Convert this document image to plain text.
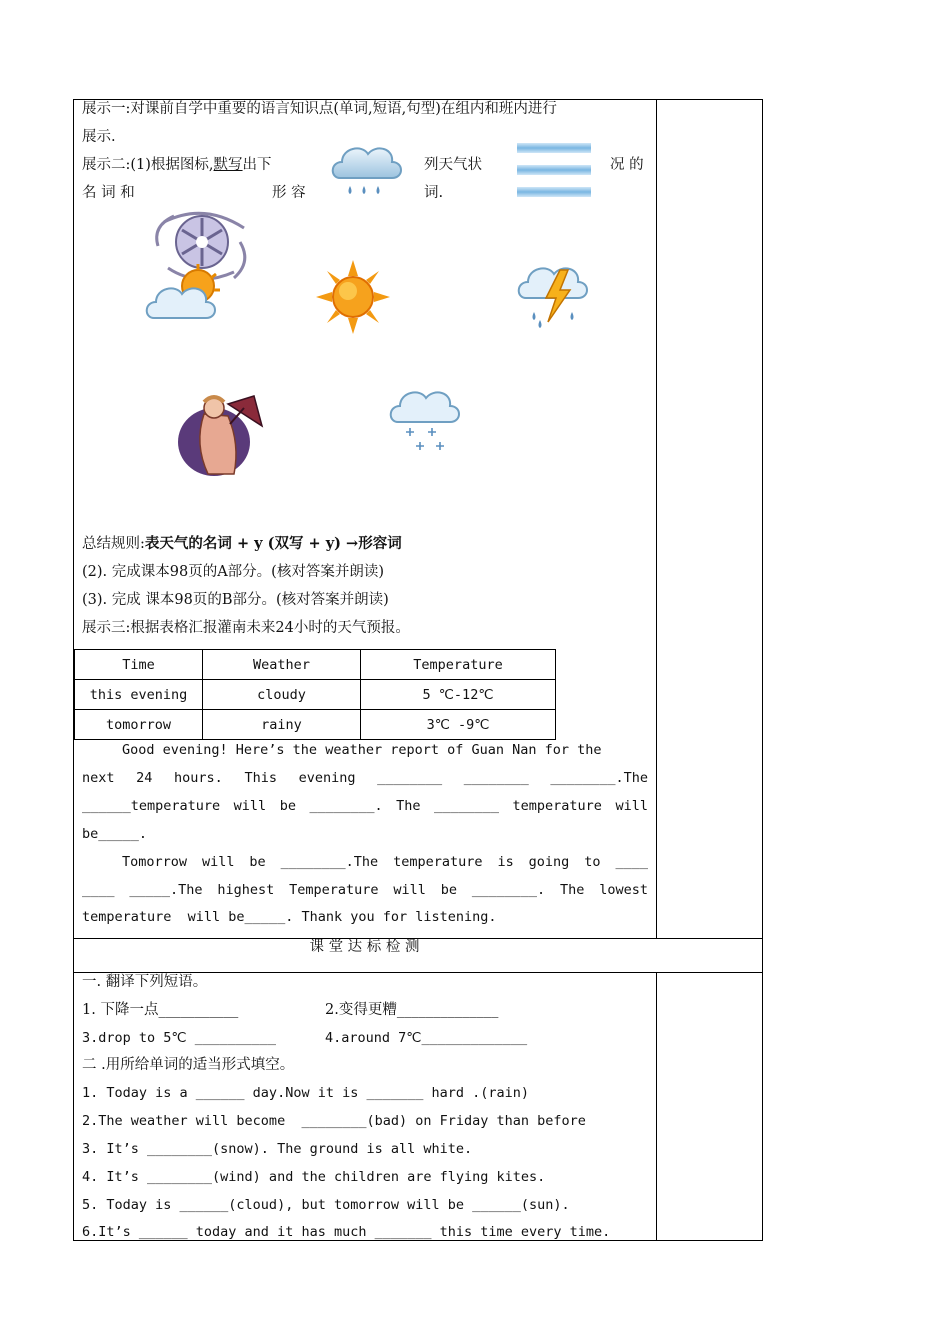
展示一:对课前自学中重要的语言知识点(单词,短语,句型)在组内和班内进行
展示.
展示二:(1)根据图标,默写出下	列天气状	况 的
名 词 和	形 容	词.
总结规则:表天气的名词 + y (双写 + y) →形容词
(2). 完成课本98页的A部分。(核对答案并朗读)
(3). 完成 课本98页的B部分。(核对答案并朗读)
展示三:根据表格汇报灌南未来24小时的天气预报。
Time	Weather	Temperature
this evening	cloudy	5 ℃-12℃
tomorrow	rainy	3℃ -9℃
Good evening! Here’s the weather report of Guan Nan for the
next 24 hours. This evening ________ ________ ________.The
______temperature will be ________. The ________ temperature will
be_____.
Tomorrow will be ________.The temperature is going to ____
____ _____.The highest Temperature will be ________. The lowest
temperature  will be_____. Thank you for listening.
课 堂 达 标 检 测
一. 翻译下列短语。
1. 下降一点___________	2.变得更糟______________
3.drop to 5℃ __________	4.around 7℃_____________
二 .用所给单词的适当形式填空。
1. Today is a ______ day.Now it is _______ hard .(rain)
2.The weather will become  ________(bad) on Friday than before
3. It’s ________(snow). The ground is all white.
4. It’s ________(wind) and the children are flying kites.
5. Today is ______(cloud), but tomorrow will be ______(sun).
6.It’s ______ today and it has much _______ this time every time.
